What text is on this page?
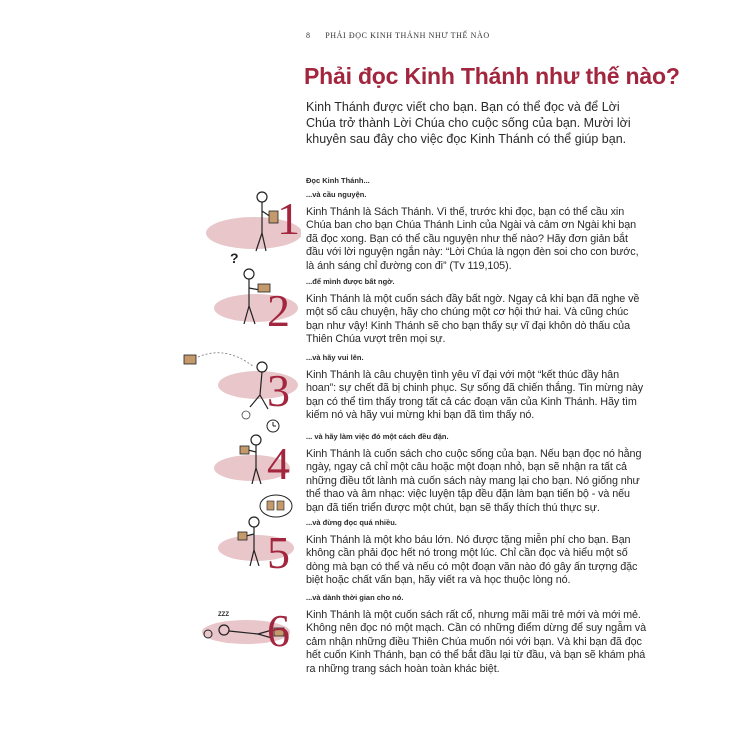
8 PHẢI ĐỌC KINH THÁNH NHƯ THẾ NÀO
Phải đọc Kinh Thánh như thế nào?

Kinh Thánh được viết cho bạn. Bạn có thể đọc và để Lời Chúa trở thành Lời Chúa cho cuộc sống của bạn. Mười lời khuyên sau đây cho việc đọc Kinh Thánh có thể giúp bạn.

Đọc Kinh Thánh...
?
1 ...và cầu nguyện.

Kinh Thánh là Sách Thánh. Vì thế, trước khi đọc, bạn có thể cầu xin Chúa ban cho bạn Chúa Thánh Linh của Ngài và cảm ơn Ngài khi bạn đã đọc xong. Bạn có thể cầu nguyện như thế nào? Hãy đơn giản bắt đầu với lời nguyện ngắn này: “Lời Chúa là ngọn đèn soi cho con bước, là ánh sáng chỉ đường con đi” (Tv 119,105).

2

...để mình được bất ngờ.

Kinh Thánh là một cuốn sách đầy bất ngờ. Ngay cả khi bạn đã nghe về một số câu chuyện, hãy cho chúng một cơ hội thứ hai. Và cũng chúc bạn như vậy! Kinh Thánh sẽ cho bạn thấy sự vĩ đại khôn dò thấu của Thiên Chúa vượt trên mọi sự.

3

...và hãy vui lên.

Kinh Thánh là câu chuyện tình yêu vĩ đại với một “kết thúc đầy hân hoan”: sự chết đã bị chinh phục. Sự sống đã chiến thắng. Tin mừng này bạn có thể tìm thấy trong tất cả các đoạn văn của Kinh Thánh. Hãy tìm kiếm nó và hãy vui mừng khi bạn đã tìm thấy nó.

4

... và hãy làm việc đó một cách đều đặn.

Kinh Thánh là cuốn sách cho cuộc sống của bạn. Nếu bạn đọc nó hằng ngày, ngay cả chỉ một câu hoặc một đoạn nhỏ, bạn sẽ nhận ra tất cả những điều tốt lành mà cuốn sách này mang lại cho bạn. Nó giống như thể thao và âm nhạc: việc luyện tập đều đặn làm bạn tiến bộ - và nếu bạn đã tiến triển được một chút, bạn sẽ thấy thích thú thực sự.

5

...và đừng đọc quá nhiều.

Kinh Thánh là một kho báu lớn. Nó được tặng miễn phí cho bạn. Bạn không cần phải đọc hết nó trong một lúc. Chỉ cần đọc và hiểu một số dòng mà bạn có thể và nếu có một đoạn văn nào đó gây ấn tượng đặc biệt hoặc chất vấn bạn, hãy viết ra và học thuộc lòng nó.

ZZZ 6

...và dành thời gian cho nó.

Kinh Thánh là một cuốn sách rất cổ, nhưng mãi mãi trẻ mới và mới mẻ. Không nên đọc nó một mạch. Cần có những điểm dừng để suy ngẫm và cảm nhận những điều Thiên Chúa muốn nói với bạn. Và khi bạn đã đọc hết cuốn Kinh Thánh, bạn có thể bắt đầu lại từ đầu, và bạn sẽ khám phá ra những trang sách hoàn toàn khác biệt.
